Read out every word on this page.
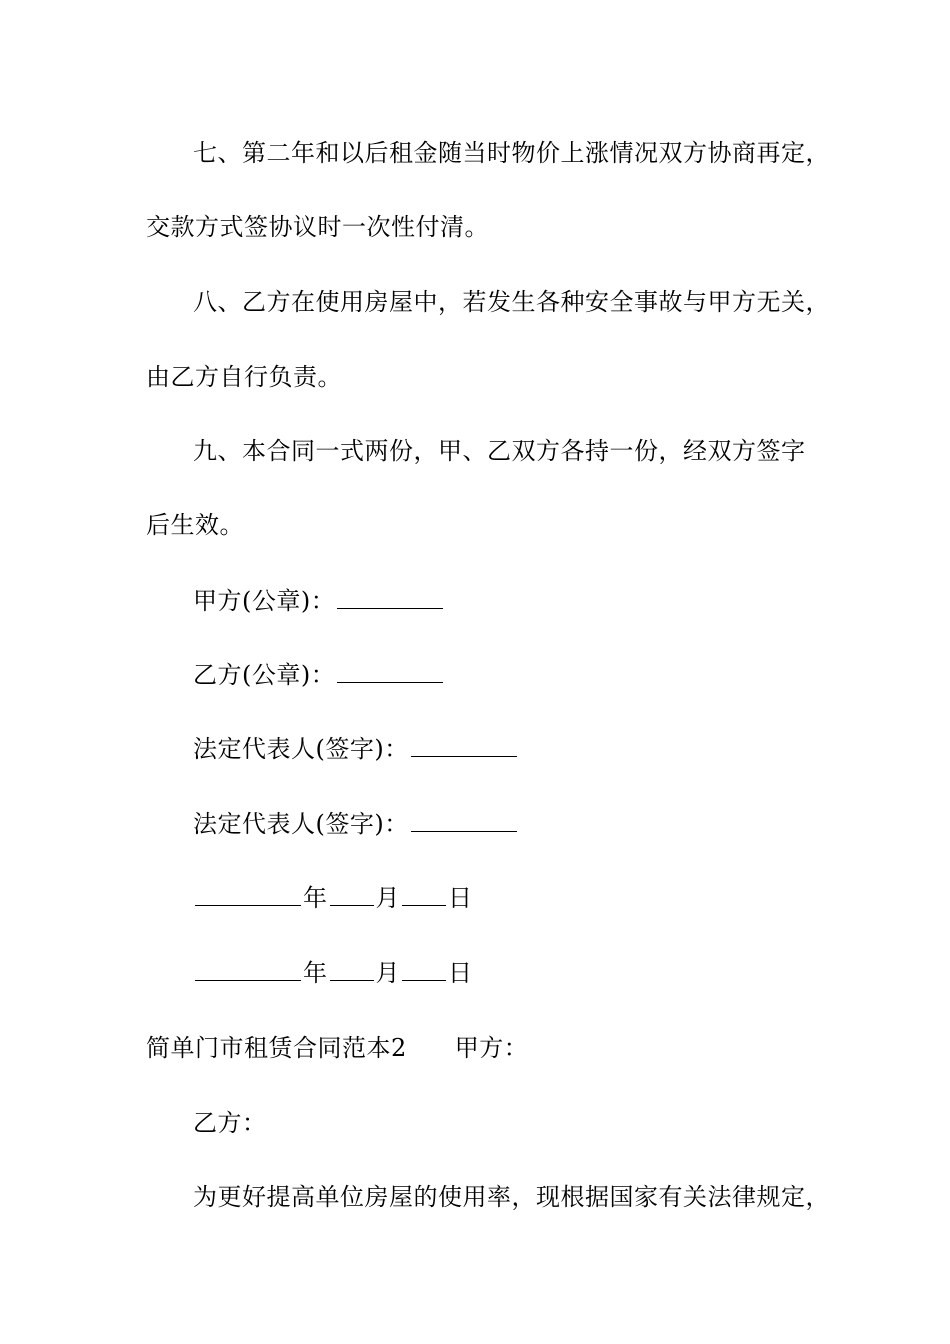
七、第二年和以后租金随当时物价上涨情况双方协商再定，
交款方式签协议时一次性付清。
八、乙方在使用房屋中，若发生各种安全事故与甲方无关，
由乙方自行负责。
九、本合同一式两份，甲、乙双方各持一份，经双方签字
后生效。
甲方(公章)：
乙方(公章)：
法定代表人(签字)：
法定代表人(签字)：
年 月 日
年 月 日
简单门市租赁合同范本2 甲方：
乙方：
为更好提高单位房屋的使用率，现根据国家有关法律规定，
